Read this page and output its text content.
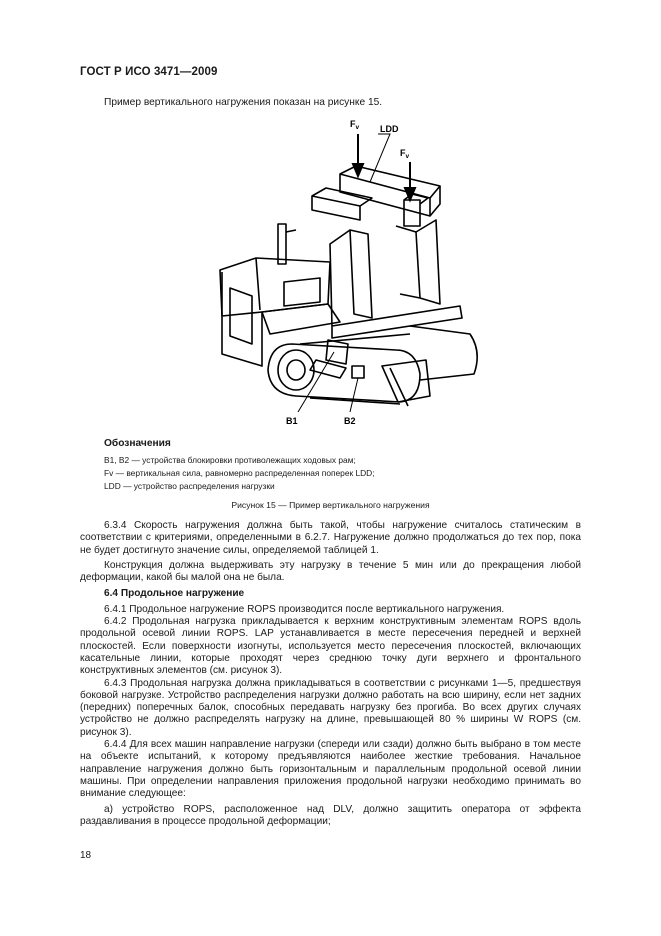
ГОСТ Р ИСО 3471—2009
Пример вертикального нагружения показан на рисунке 15.
$F_v$ LDD
$F_v$
B1	B2
Обозначения
B1, B2 — устройства блокировки противолежащих ходовых рам;
Fv — вертикальная сила, равномерно распределенная поперек LDD;
LDD — устройство распределения нагрузки
Рисунок 15 — Пример вертикального нагружения

6.3.4 Скорость нагружения должна быть такой, чтобы нагружение считалось статическим в соответствии с критериями, определенными в 6.2.7. Нагружение должно продолжаться до тех пор, пока не будет достигнуто значение силы, определяемой таблицей 1.

Конструкция должна выдерживать эту нагрузку в течение 5 мин или до прекращения любой деформации, какой бы малой она не была.

6.4 Продольное нагружение

6.4.1 Продольное нагружение ROPS производится после вертикального нагружения.

6.4.2 Продольная нагрузка прикладывается к верхним конструктивным элементам ROPS вдоль продольной осевой линии ROPS. LAP устанавливается в месте пересечения передней и верхней плоскостей. Если поверхности изогнуты, используется место пересечения плоскостей, включающих касательные линии, которые проходят через среднюю точку дуги верхнего и фронтального конструктивных элементов (см. рисунок 3).

6.4.3 Продольная нагрузка должна прикладываться в соответствии с рисунками 1—5, предшествуя боковой нагрузке. Устройство распределения нагрузки должно работать на всю ширину, если нет задних (передних) поперечных балок, способных передавать нагрузку без прогиба. Во всех других случаях устройство не должно распределять нагрузку на длине, превышающей 80 % ширины W ROPS (см. рисунок 3).

6.4.4 Для всех машин направление нагрузки (спереди или сзади) должно быть выбрано в том месте на объекте испытаний, к которому предъявляются наиболее жесткие требования. Начальное направление нагружения должно быть горизонтальным и параллельным продольной осевой линии машины. При определении направления приложения продольной нагрузки необходимо принимать во внимание следующее:

а) устройство ROPS, расположенное над DLV, должно защитить оператора от эффекта раздавливания в процессе продольной деформации;

18
